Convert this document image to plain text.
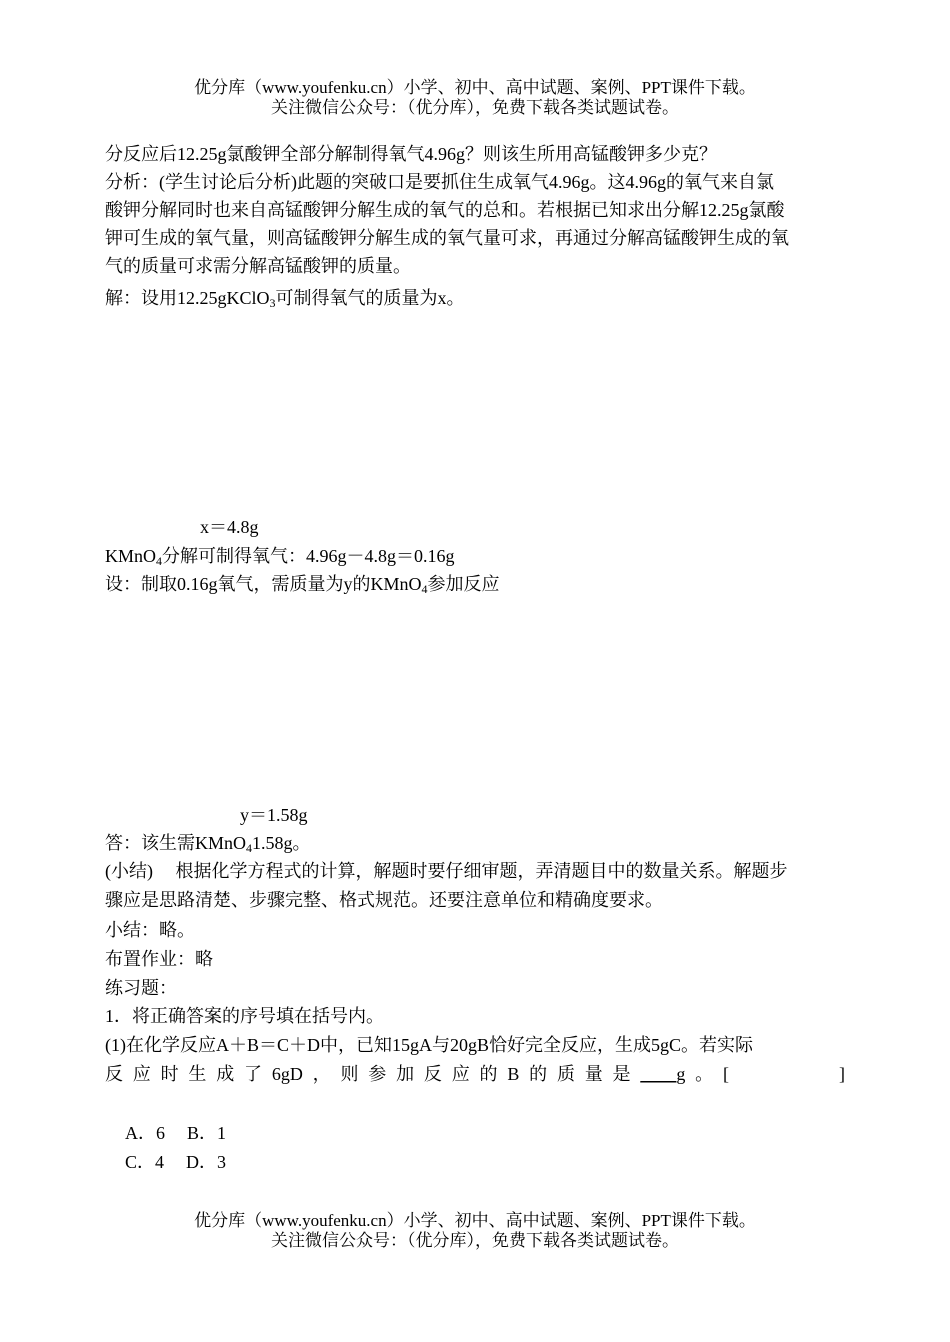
优分库（www.youfenku.cn）小学、初中、高中试题、案例、PPT课件下载。
关注微信公众号：（优分库），免费下载各类试题试卷。
分反应后12.25g氯酸钾全部分解制得氧气4.96g？则该生所用高锰酸钾多少克？
分析：(学生讨论后分析)此题的突破口是要抓住生成氧气4.96g。这4.96g的氧气来自氯
酸钾分解同时也来自高锰酸钾分解生成的氧气的总和。若根据已知求出分解12.25g氯酸
钾可生成的氧气量，则高锰酸钾分解生成的氧气量可求，再通过分解高锰酸钾生成的氧
气的质量可求需分解高锰酸钾的质量。
解：设用12.25gKClO$_3$可制得氧气的质量为x。
x＝4.8g
KMnO$_4$分解可制得氧气：4.96g－4.8g＝0.16g
设：制取0.16g氧气，需质量为y的KMnO$_4$参加反应
y＝1.58g
答：该生需KMnO$_4$1.58g。
(小结)　 根据化学方程式的计算，解题时要仔细审题，弄清题目中的数量关系。解题步
骤应是思路清楚、步骤完整、格式规范。还要注意单位和精确度要求。
小结：略。
布置作业：略
练习题：
1．将正确答案的序号填在括号内。
(1)在化学反应A＋B＝C＋D中，已知15gA与20gB恰好完全反应，生成5gC。若实际
反应时生成了6gD，则参加反应的B的质量是____g。[	]
A．6 B．1
C．4 D．3
优分库（www.youfenku.cn）小学、初中、高中试题、案例、PPT课件下载。
关注微信公众号：（优分库），免费下载各类试题试卷。
